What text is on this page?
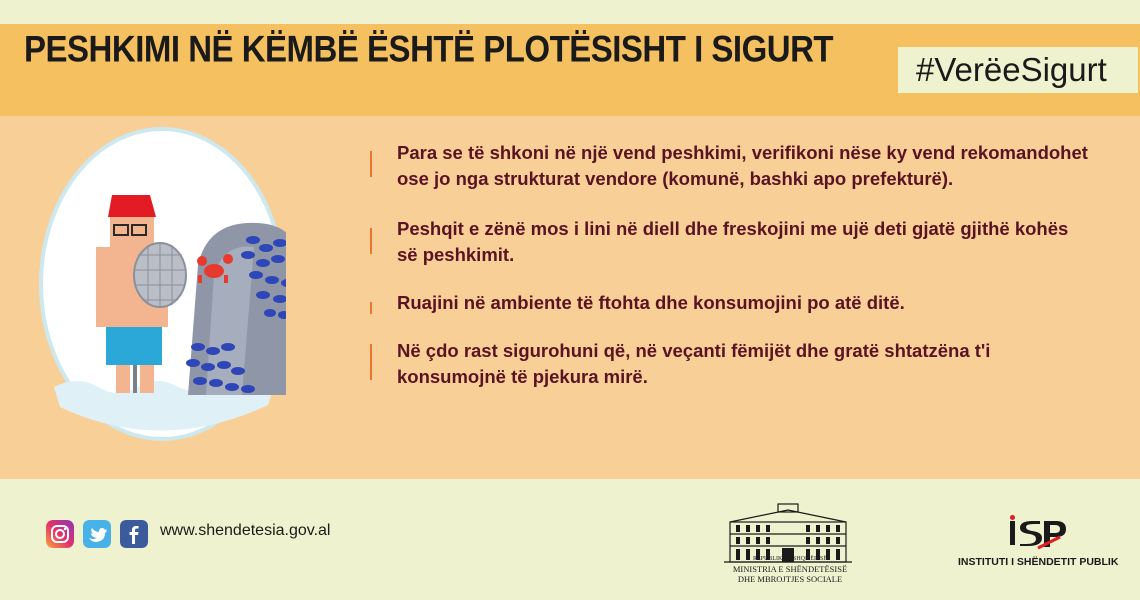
PESHKIMI NË KËMBË ËSHTË PLOTËSISHT I SIGURT
#VerëeSigurt
Para se të shkoni në një vend peshkimi, verifikoni nëse ky vend rekomandohet ose jo nga strukturat vendore (komunë, bashki apo prefekturë).
Peshqit e zënë mos i lini në diell dhe freskojini me ujë deti gjatë gjithë kohës së peshkimit.
Ruajini në ambiente të ftohta dhe konsumojini po atë ditë.
Në çdo rast sigurohuni që, në veçanti fëmijët dhe gratë shtatzëna t'i konsumojnë të pjekura mirë.
www.shendetesia.gov.al
REPUBLIKA E SHQIPËRISË
MINISTRIA E SHËNDETËSISË
DHE MBROJTJES SOCIALE
INSTITUTI I SHËNDETIT PUBLIK
